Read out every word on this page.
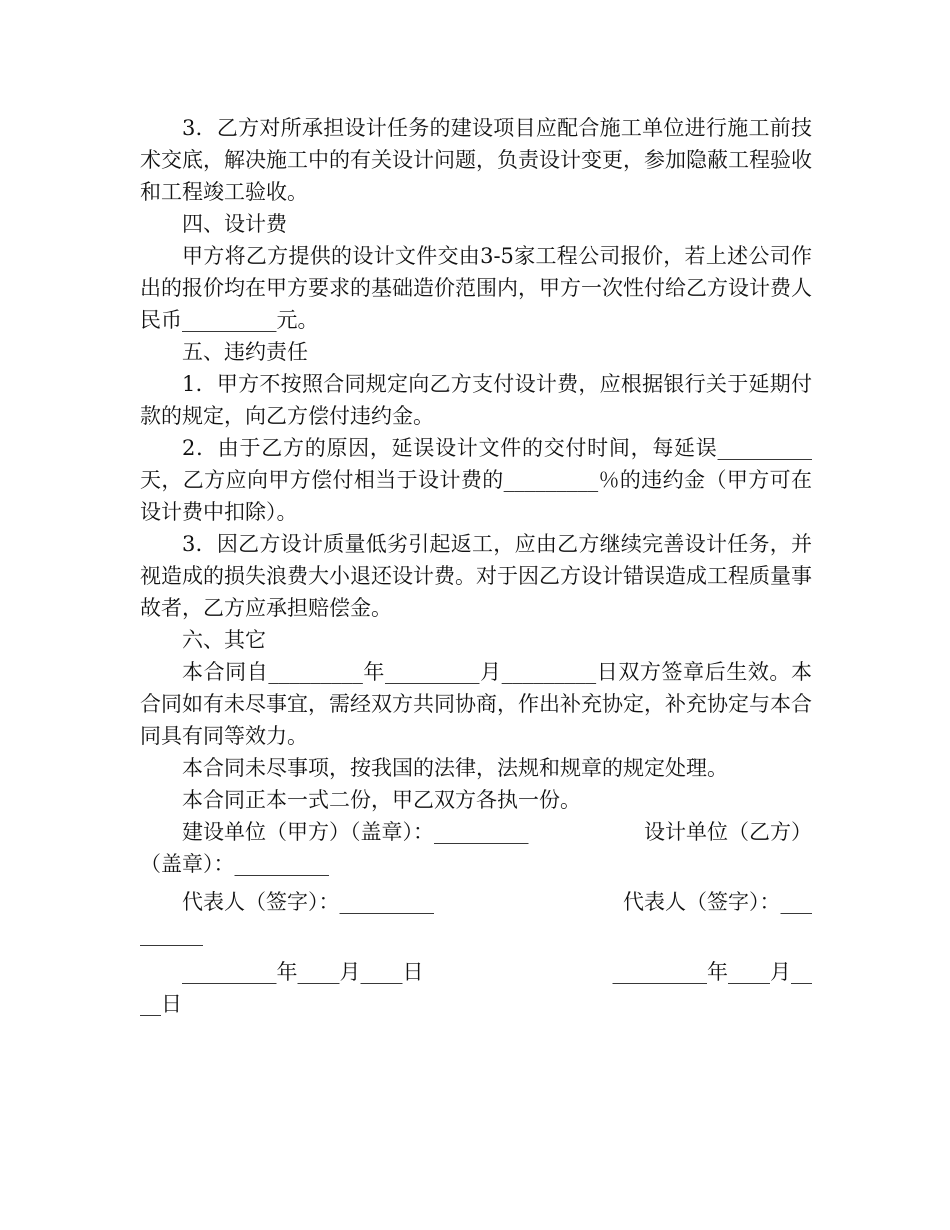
3．乙方对所承担设计任务的建设项目应配合施工单位进行施工前技术交底，解决施工中的有关设计问题，负责设计变更，参加隐蔽工程验收和工程竣工验收。

四、设计费

甲方将乙方提供的设计文件交由3-5家工程公司报价，若上述公司作出的报价均在甲方要求的基础造价范围内，甲方一次性付给乙方设计费人民币_________元。

五、违约责任

1．甲方不按照合同规定向乙方支付设计费，应根据银行关于延期付款的规定，向乙方偿付违约金。

2．由于乙方的原因，延误设计文件的交付时间，每延误_________天，乙方应向甲方偿付相当于设计费的_________％的违约金（甲方可在设计费中扣除）。

3．因乙方设计质量低劣引起返工，应由乙方继续完善设计任务，并视造成的损失浪费大小退还设计费。对于因乙方设计错误造成工程质量事故者，乙方应承担赔偿金。

六、其它

本合同自_________年_________月_________日双方签章后生效。本合同如有未尽事宜，需经双方共同协商，作出补充协定，补充协定与本合同具有同等效力。

本合同未尽事项，按我国的法律，法规和规章的规定处理。

本合同正本一式二份，甲乙双方各执一份。

建设单位（甲方）（盖章）：_________	设计单位（乙方）
（盖章）：_________
代表人（签字）：_________	代表人（签字）：___
______
_________年____月____日	_________年____月__
__日
